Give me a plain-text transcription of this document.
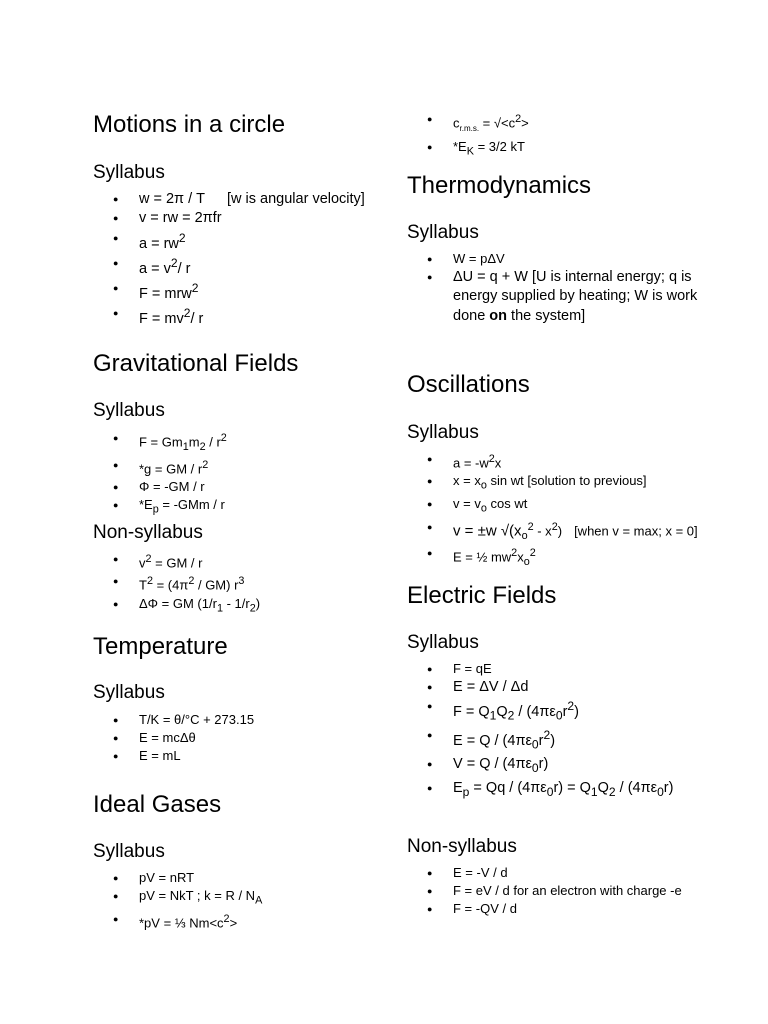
Motions in a circle
Syllabus
● w = 2π / T [w is angular velocity]
● v = rw = 2πfr
● $a = rw^2$
● $a = v^2/$ r
● F = mrw$^2$
● $F = mv^2/$ r
Gravitational Fields
Syllabus
● $F = Gm_1m_2 / r^2$
● *g = GM / $r^2$
● Φ = -GM / r
● $*E_p = -GMm / r$
Non-syllabus
● $v^2$ = GM / r
● $T^2 = (4\pi^2 / GM)$ $r^3$
● ΔΦ = GM $(1/r_1 - 1/r_2)$
Temperature
Syllabus
● T/K = θ/°C + 273.15
● E = mcΔθ
● E = mL
Ideal Gases
Syllabus
● pV = nRT
● pV = NkT ; $k = R / N_A$
● *pV = ⅓ $Nm<c^2>$
● $c_{r.m.s.} = √<c^2>$
● $*E_K = 3/2$ kT
Thermodynamics
Syllabus
● W = pΔV
● ΔU = q + W [U is internal energy; q is energy supplied by heating; W is work done on the system]
Oscillations
Syllabus
● $a = -w^2x$
● $x = x_o$ sin wt [solution to previous]
● $v = v_o$ cos wt
● v = ±w $√(x_o^2 - x^2)$ [when v = max; x = 0]
● E = ½ $mw^2x_o^2$
Electric Fields
Syllabus
● F = qE
● E = ΔV / Δd
● $F = Q_1Q_2 / (4\pi\varepsilon_0r^2)$
● $E = Q / (4\pi\varepsilon_0r^2)$
● $V = Q / (4\pi\varepsilon_0r)$
● $E_p = Qq / (4\pi\varepsilon_0r) = Q_1Q_2 / (4\pi\varepsilon_0r)$
Non-syllabus
● E = -V / d
● F = eV / d for an electron with charge -e
● F = -QV / d
